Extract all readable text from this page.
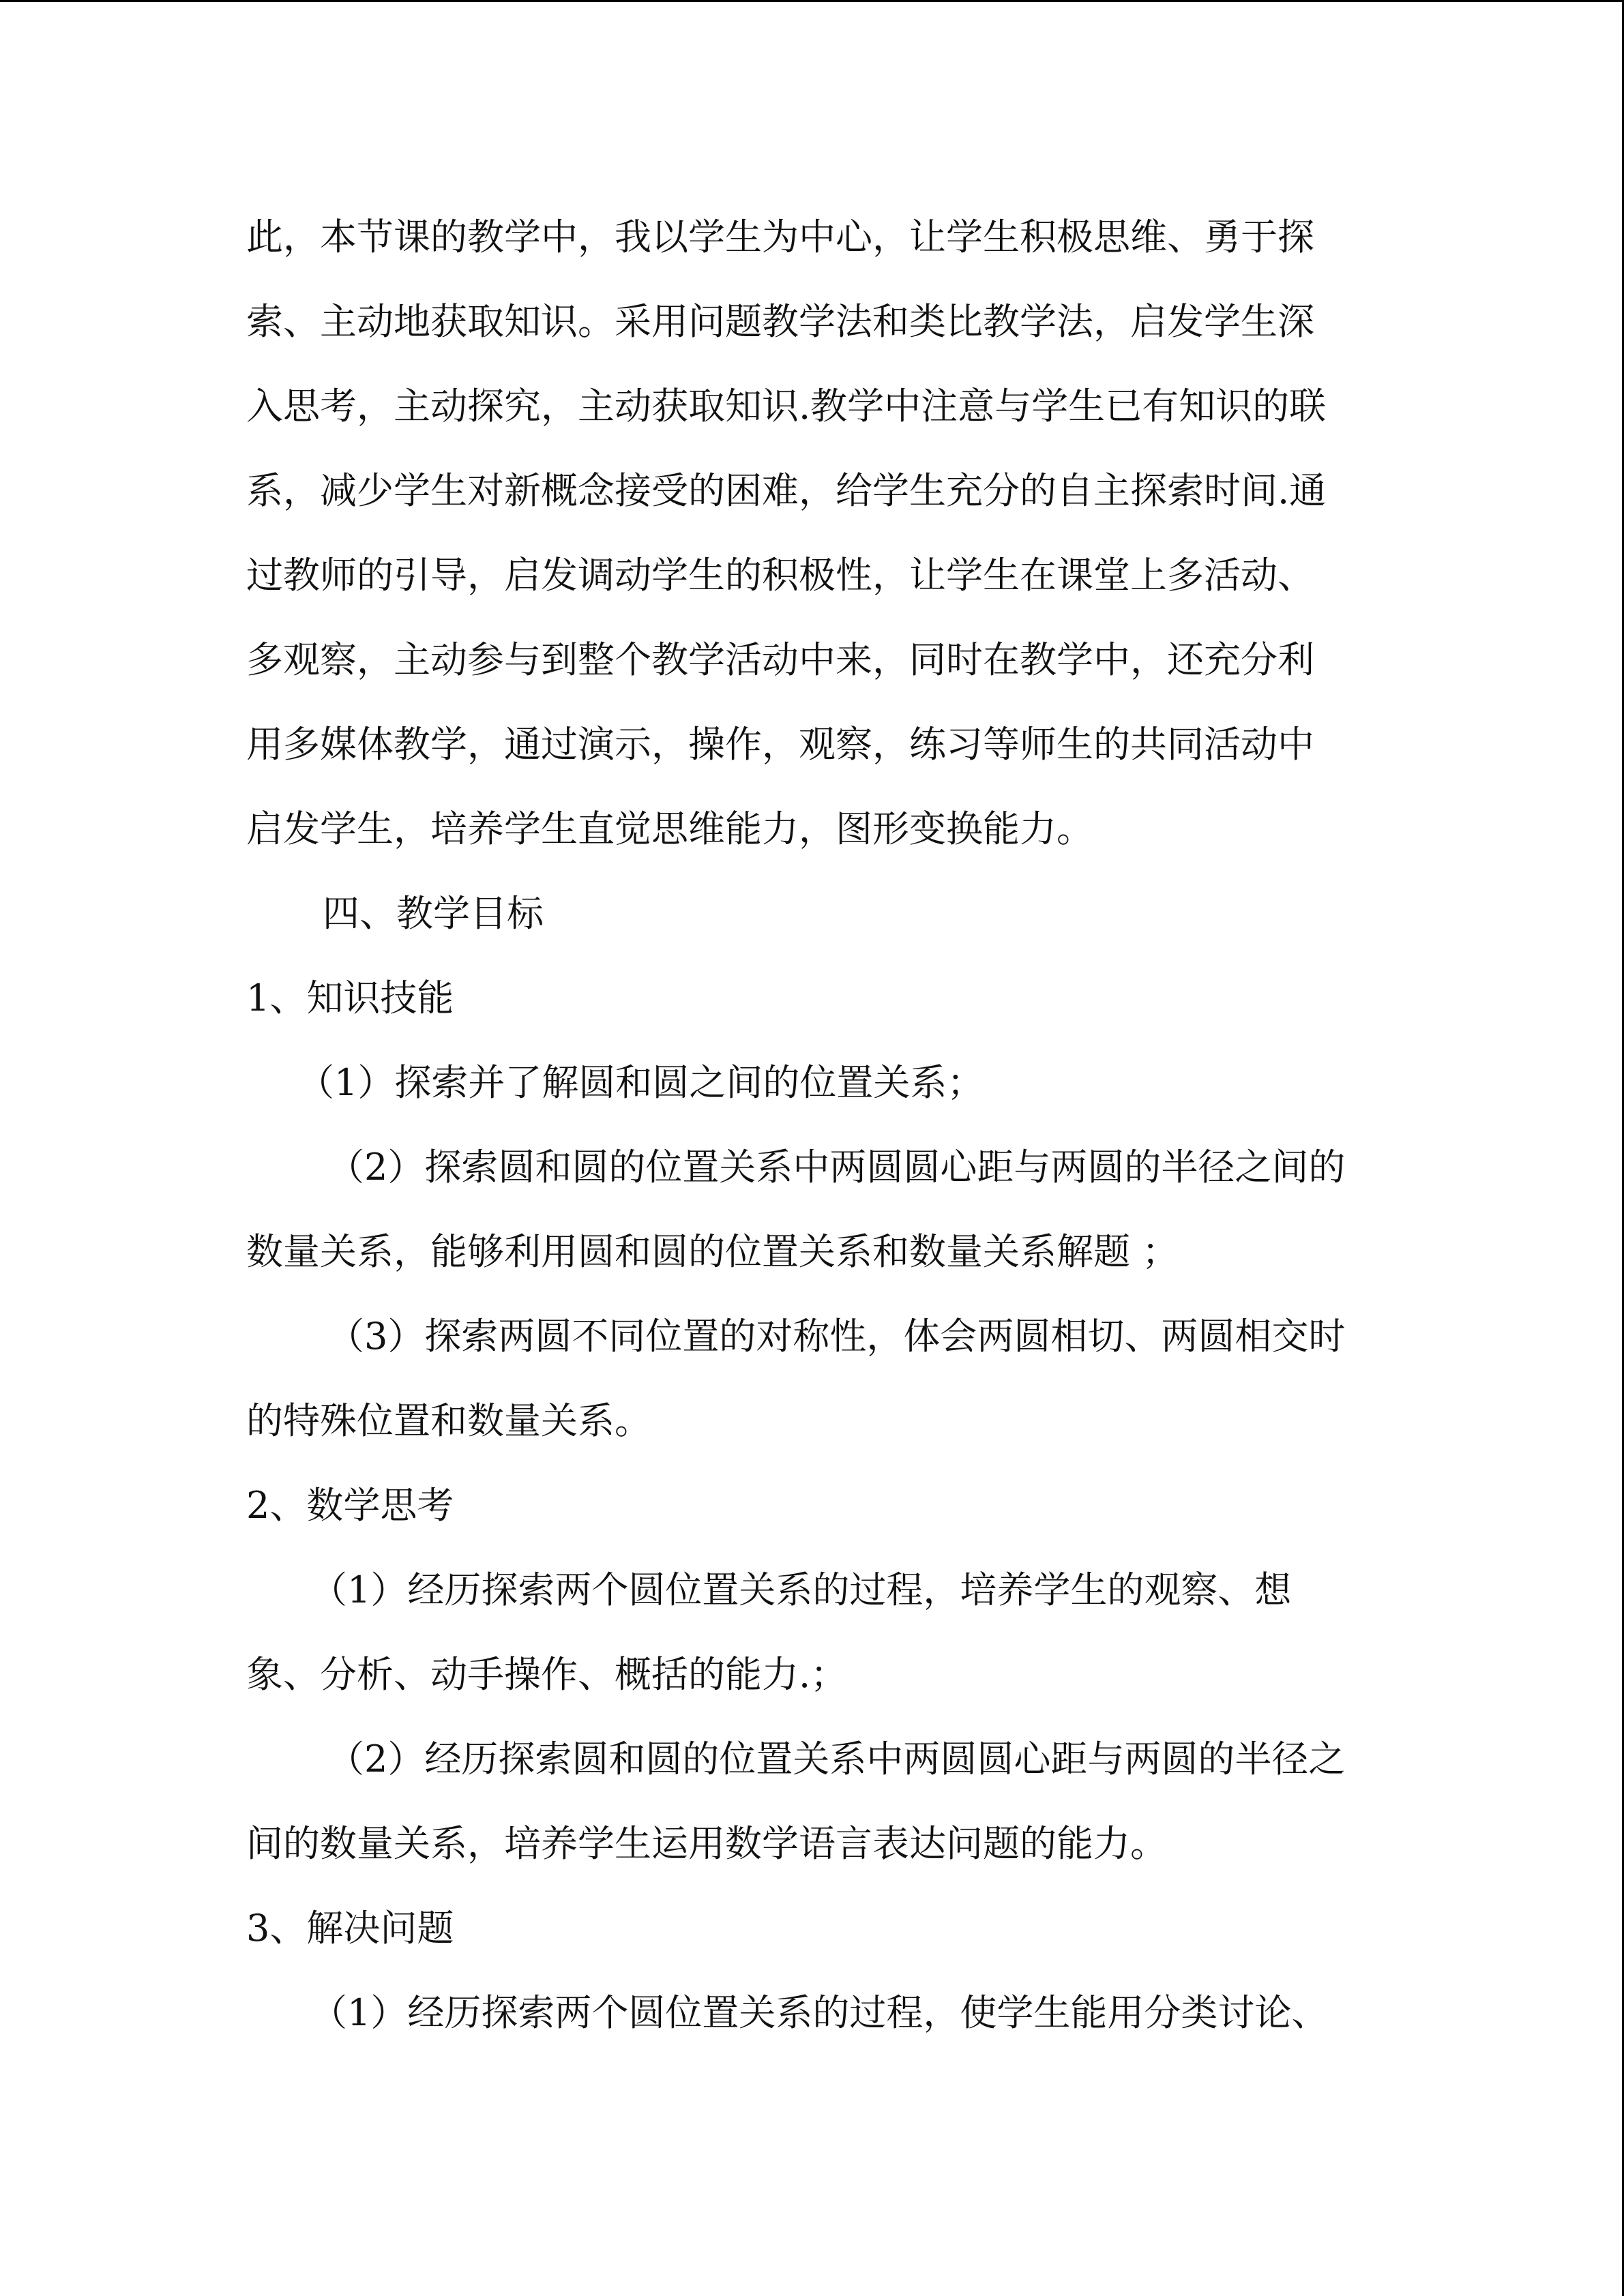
此，本节课的教学中，我以学生为中心，让学生积极思维、勇于探
索、主动地获取知识。采用问题教学法和类比教学法，启发学生深
入思考，主动探究，主动获取知识.教学中注意与学生已有知识的联
系，减少学生对新概念接受的困难，给学生充分的自主探索时间.通
过教师的引导，启发调动学生的积极性，让学生在课堂上多活动、
多观察，主动参与到整个教学活动中来，同时在教学中，还充分利
用多媒体教学，通过演示，操作，观察，练习等师生的共同活动中
启发学生，培养学生直觉思维能力，图形变换能力。
四、教学目标
1、知识技能
（1）探索并了解圆和圆之间的位置关系；
（2）探索圆和圆的位置关系中两圆圆心距与两圆的半径之间的
数量关系，能够利用圆和圆的位置关系和数量关系解题 ；
（3）探索两圆不同位置的对称性，体会两圆相切、两圆相交时
的特殊位置和数量关系。
2、数学思考
（1）经历探索两个圆位置关系的过程，培养学生的观察、想
象、分析、动手操作、概括的能力.；
（2）经历探索圆和圆的位置关系中两圆圆心距与两圆的半径之
间的数量关系，培养学生运用数学语言表达问题的能力。
3、解决问题
（1）经历探索两个圆位置关系的过程，使学生能用分类讨论、
